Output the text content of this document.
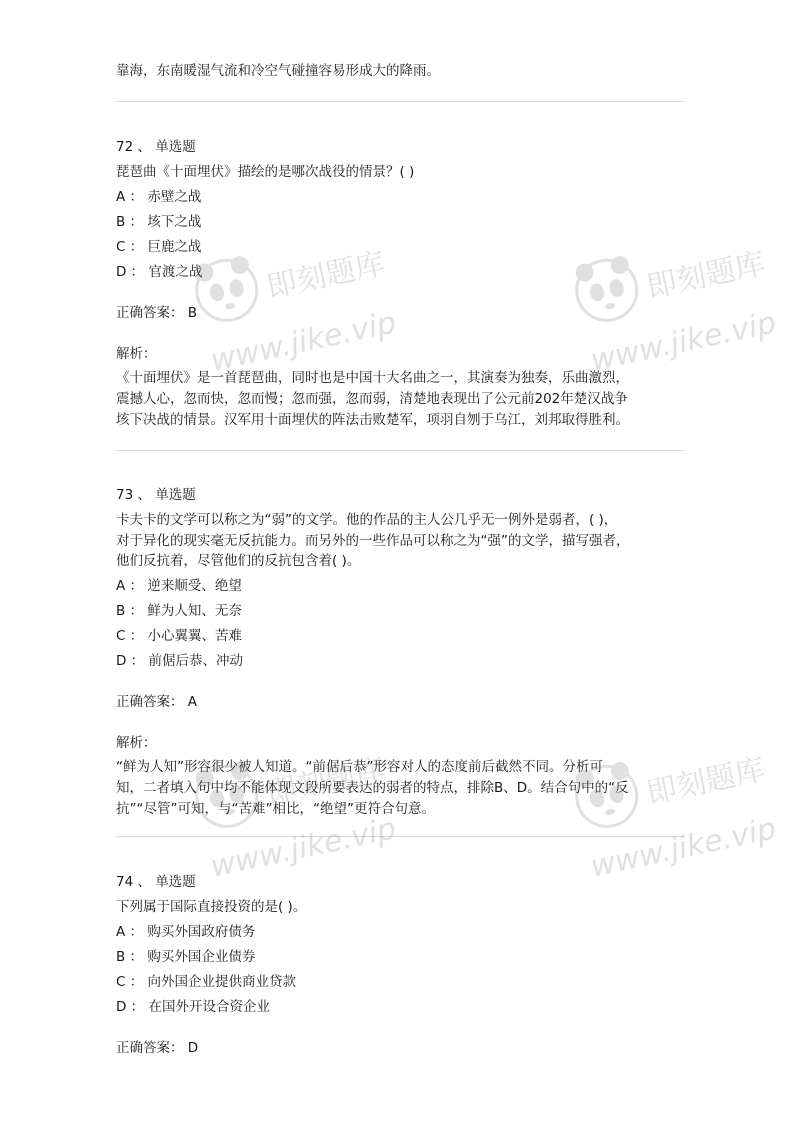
靠海，东南暖湿气流和冷空气碰撞容易形成大的降雨。
72 、 单选题
琵琶曲《十面埋伏》描绘的是哪次战役的情景？( )
A ： 赤壁之战
B ： 垓下之战
C ： 巨鹿之战
D ： 官渡之战
正确答案： B
解析：
《十面埋伏》是一首琵琶曲，同时也是中国十大名曲之一，其演奏为独奏，乐曲激烈，
震撼人心，忽而快，忽而慢；忽而强，忽而弱，清楚地表现出了公元前202年楚汉战争
垓下决战的情景。汉军用十面埋伏的阵法击败楚军，项羽自刎于乌江，刘邦取得胜利。
73 、 单选题
卡夫卡的文学可以称之为“弱”的文学。他的作品的主人公几乎无一例外是弱者，( )，
对于异化的现实毫无反抗能力。而另外的一些作品可以称之为“强”的文学，描写强者，
他们反抗着，尽管他们的反抗包含着( )。
A ： 逆来顺受、绝望
B ： 鲜为人知、无奈
C ： 小心翼翼、苦难
D ： 前倨后恭、冲动
正确答案： A
解析：
“鲜为人知”形容很少被人知道。“前倨后恭”形容对人的态度前后截然不同。分析可
知，二者填入句中均不能体现文段所要表达的弱者的特点，排除B、D。结合句中的“反
抗”“尽管”可知，与“苦难”相比，“绝望”更符合句意。
74 、 单选题
下列属于国际直接投资的是( )。
A ： 购买外国政府债务
B ： 购买外国企业债券
C ： 向外国企业提供商业贷款
D ： 在国外开设合资企业
正确答案： D
即刻题库
www.jike.vip
即刻题库
www.jike.vip
即刻题库
www.jike.vip
即刻题库
www.jike.vip
